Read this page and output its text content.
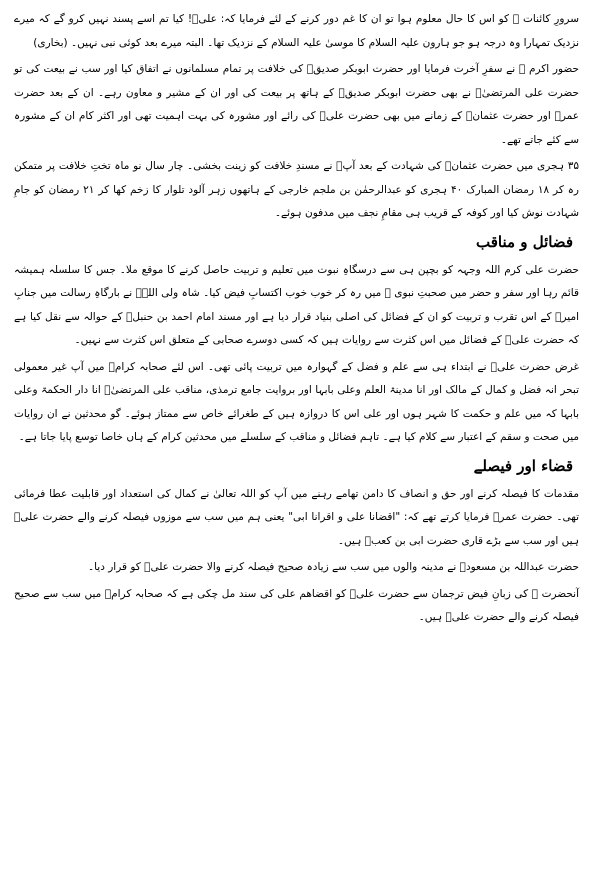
سرورِ کائنات ﷺ کو اس کا حال معلوم ہوا تو ان کا غم دور کرنے کے لئے فرمایا کہ: علیؓ! کیا تم اسے پسند نہیں کرو گے کہ میرے نزدیک تمہارا وہ درجہ ہو جو ہارون علیہ السلام کا موسیٰ علیہ السلام کے نزدیک تھا۔ البتہ میرے بعد کوئی نبی نہیں۔ (بخاری)

حضور اکرم ﷺ نے سفرِ آخرت فرمایا اور حضرت ابوبکر صدیقؓ کی خلافت پر تمام مسلمانوں نے اتفاق کیا اور سب نے بیعت کی تو حضرت علی المرتضیٰؓ نے بھی حضرت ابوبکر صدیقؓ کے ہاتھ پر بیعت کی اور ان کے مشیر و معاون رہے۔ ان کے بعد حضرت عمرؓ اور حضرت عثمانؓ کے زمانے میں بھی حضرت علیؓ کی رائے اور مشورہ کی بہت اہمیت تھی اور اکثر کام ان کے مشورہ سے کئے جاتے تھے۔

۳۵ ہجری میں حضرت عثمانؓ کی شہادت کے بعد آپؓ نے مسندِ خلافت کو زینت بخشی۔ چار سال نو ماہ تختِ خلافت پر متمکن رہ کر ۱۸ رمضان المبارک ۴۰ ہجری کو عبدالرحمٰن بن ملجم خارجی کے ہاتھوں زہر آلود تلوار کا زخم کھا کر ۲۱ رمضان کو جامِ شہادت نوش کیا اور کوفہ کے قریب ہی مقامِ نجف میں مدفون ہوئے۔

فضائل و مناقب

حضرت علی کرم اللہ وجہہ کو بچپن ہی سے درسگاہِ نبوت میں تعلیم و تربیت حاصل کرنے کا موقع ملا۔ جس کا سلسلہ ہمیشہ قائم رہا اور سفر و حضر میں صحبتِ نبوی ﷺ میں رہ کر خوب خوب اکتسابِ فیض کیا۔ شاہ ولی اللہؒ نے بارگاہِ رسالت میں جنابِ امیرؓ کے اس تقرب و تربیت کو ان کے فضائل کی اصلی بنیاد قرار دیا ہے اور مسند امام احمد بن حنبلؒ کے حوالہ سے نقل کیا ہے کہ حضرت علیؓ کے فضائل میں اس کثرت سے روایات ہیں کہ کسی دوسرے صحابی کے متعلق اس کثرت سے نہیں۔

غرض حضرت علیؓ نے ابتداء ہی سے علم و فضل کے گہوارہ میں تربیت پائی تھی۔ اس لئے صحابہ کرامؓ میں آپ غیر معمولی تبحر انہ فضل و کمال کے مالک اور انا مدینۃ العلم وعلی بابہا اور بروایت جامع ترمذی، مناقب علی المرتضیٰؓ انا دار الحکمۃ وعلی بابہا کہ میں علم و حکمت کا شہر ہوں اور علی اس کا دروازہ ہیں کے طغرائے خاص سے ممتاز ہوئے۔ گو محدثین نے ان روایات میں صحت و سقم کے اعتبار سے کلام کیا ہے۔ تاہم فضائل و مناقب کے سلسلے میں محدثین کرام کے ہاں خاصا توسع پایا جاتا ہے۔

قضاء اور فیصلے

مقدمات کا فیصلہ کرنے اور حق و انصاف کا دامن تھامے رہنے میں آپ کو اللہ تعالیٰ نے کمال کی استعداد اور قابلیت عطا فرمائی تھی۔ حضرت عمرؓ فرمایا کرتے تھے کہ: "اقضانا علی و اقرانا ابی" یعنی ہم میں سب سے موزوں فیصلہ کرنے والے حضرت علیؓ ہیں اور سب سے بڑے قاری حضرت ابی بن کعبؓ ہیں۔

حضرت عبداللہ بن مسعودؓ نے مدینہ والوں میں سب سے زیادہ صحیح فیصلہ کرنے والا حضرت علیؓ کو قرار دیا۔

آنحضرت ﷺ کی زبانِ فیض ترجمان سے حضرت علیؓ کو اقضاھم علی کی سند مل چکی ہے کہ صحابہ کرامؓ میں سب سے صحیح فیصلہ کرنے والے حضرت علیؓ ہیں۔
